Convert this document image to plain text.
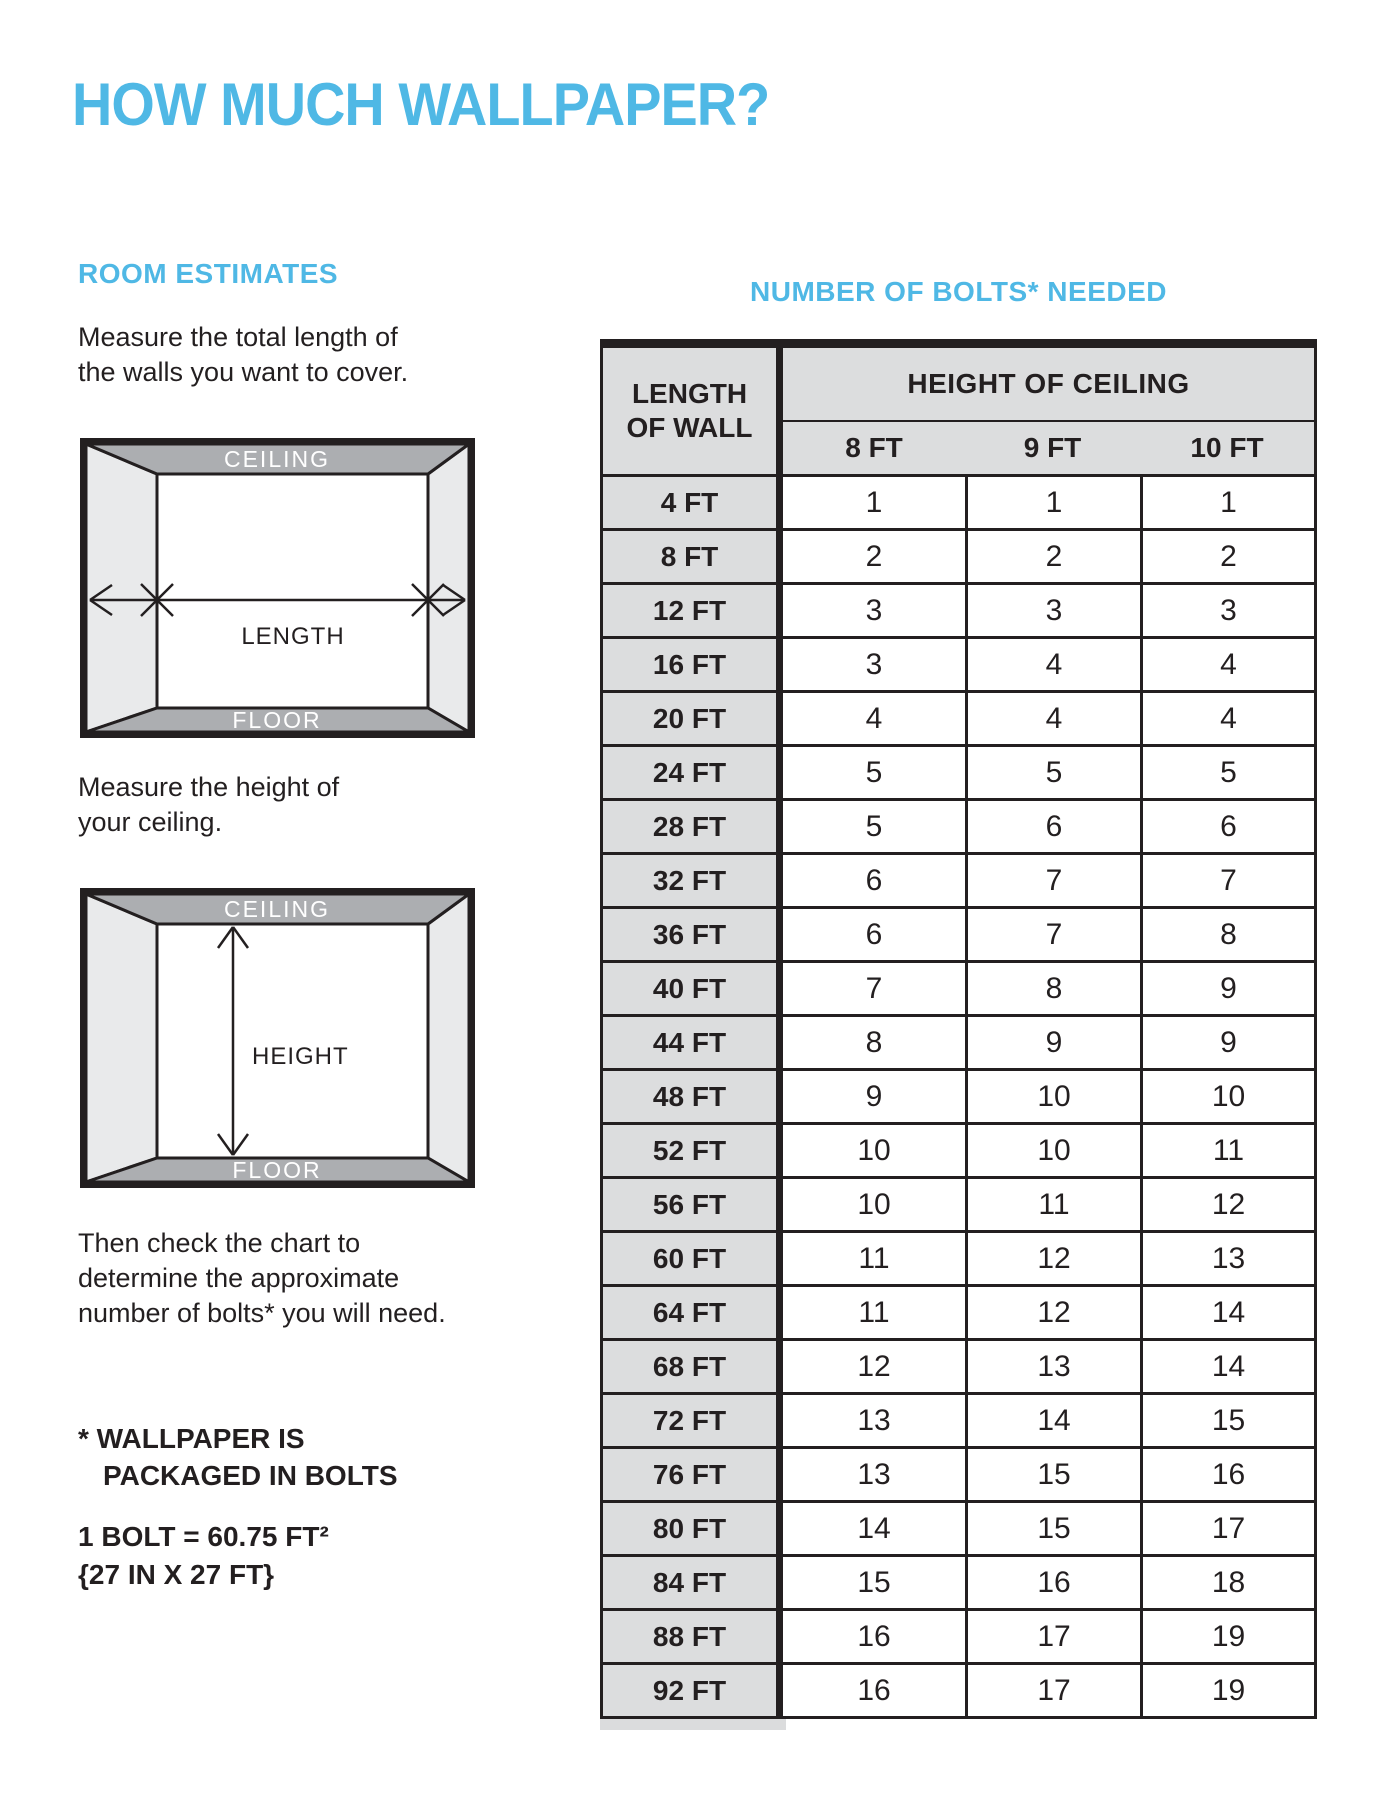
HOW MUCH WALLPAPER?
ROOM ESTIMATES
Measure the total length of
the walls you want to cover.
CEILING
LENGTH
FLOOR
Measure the height of
your ceiling.
CEILING
HEIGHT
FLOOR
Then check the chart to
determine the approximate
number of bolts* you will need.
* WALLPAPER IS
PACKAGED IN BOLTS
1 BOLT = 60.75 FT²
{27 IN X 27 FT}
NUMBER OF BOLTS* NEEDED
LENGTH
OF WALL
HEIGHT OF CEILING
8 FT	9 FT	10 FT
4 FT	1	1	1
8 FT	2	2	2
12 FT	3	3	3
16 FT	3	4	4
20 FT	4	4	4
24 FT	5	5	5
28 FT	5	6	6
32 FT	6	7	7
36 FT	6	7	8
40 FT	7	8	9
44 FT	8	9	9
48 FT	9	10	10
52 FT	10	10	11
56 FT	10	11	12
60 FT	11	12	13
64 FT	11	12	14
68 FT	12	13	14
72 FT	13	14	15
76 FT	13	15	16
80 FT	14	15	17
84 FT	15	16	18
88 FT	16	17	19
92 FT	16	17	19
